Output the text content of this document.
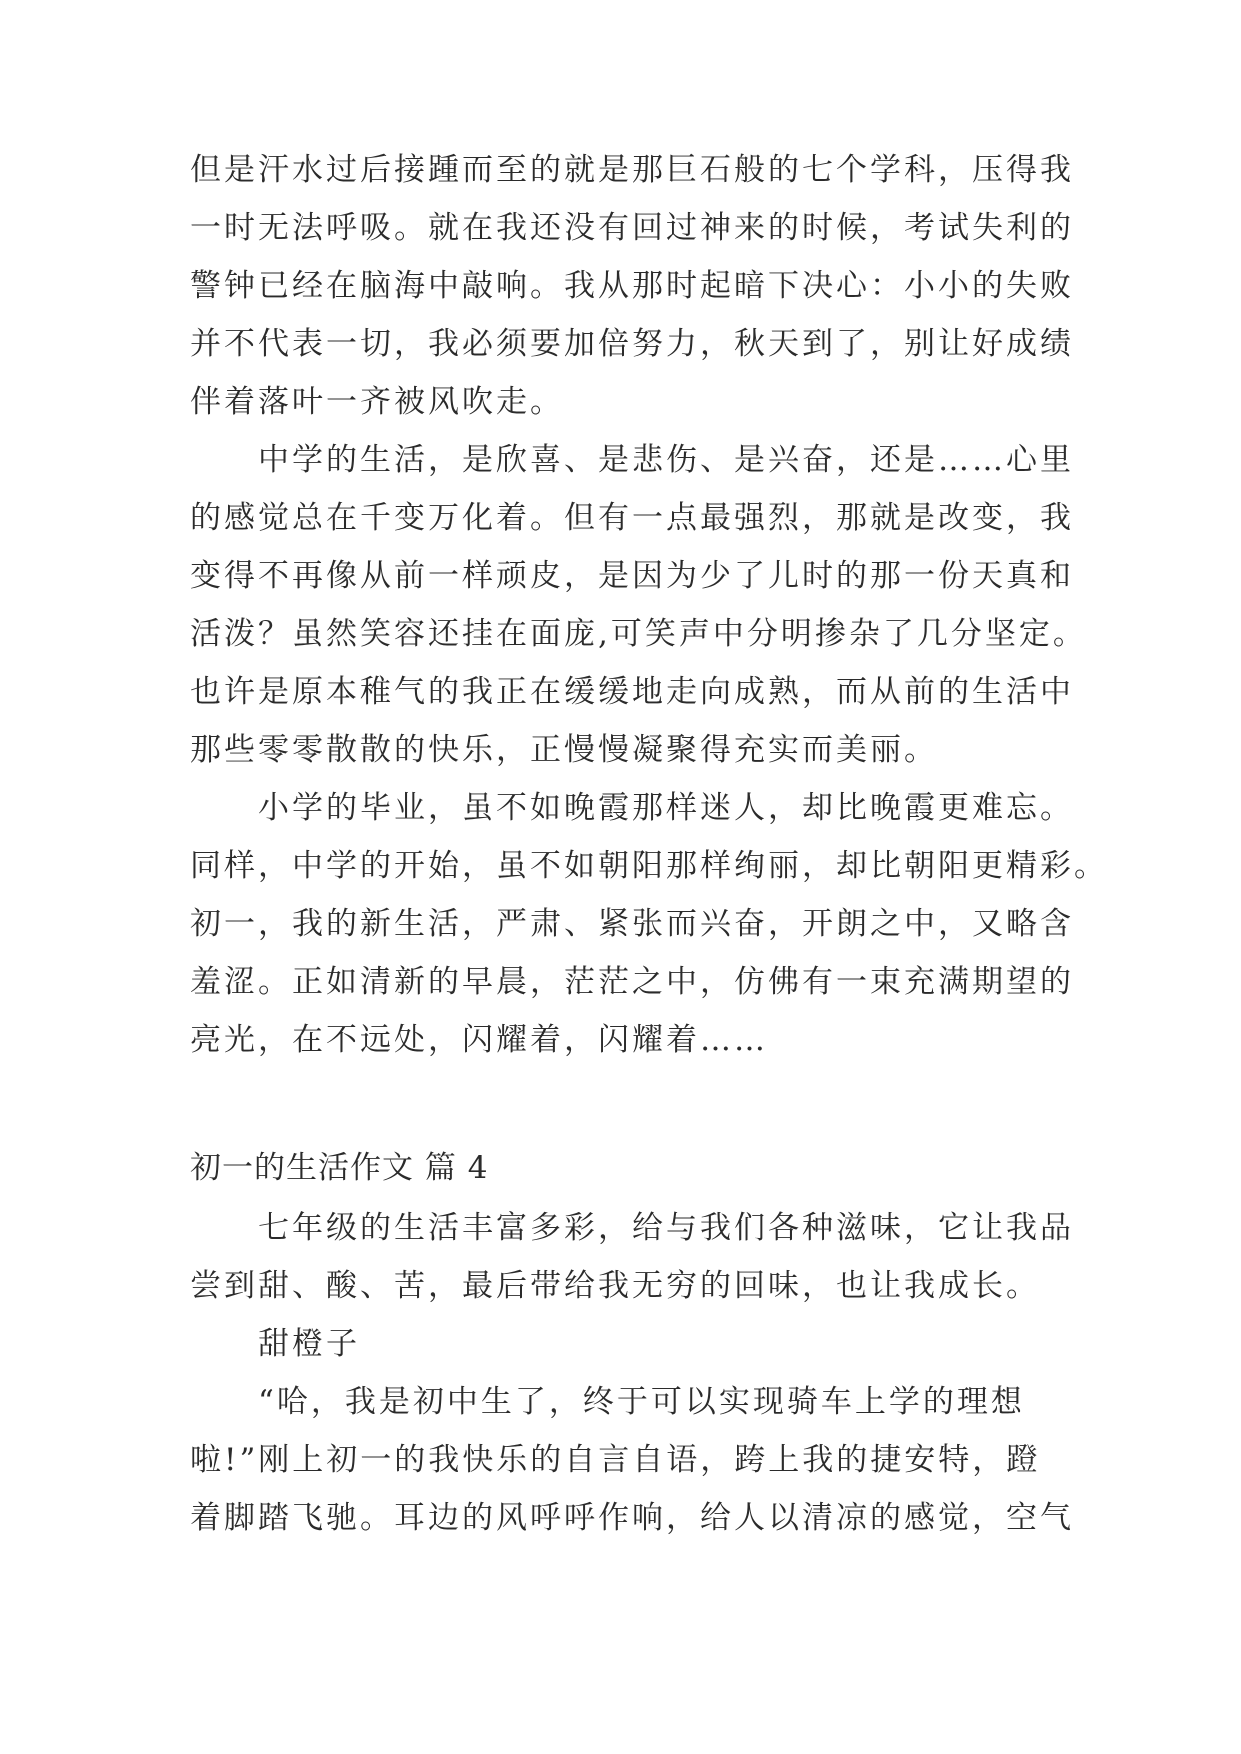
但是汗水过后接踵而至的就是那巨石般的七个学科，压得我
一时无法呼吸。就在我还没有回过神来的时候，考试失利的
警钟已经在脑海中敲响。我从那时起暗下决心：小小的失败
并不代表一切，我必须要加倍努力，秋天到了，别让好成绩
伴着落叶一齐被风吹走。
中学的生活，是欣喜、是悲伤、是兴奋，还是……心里
的感觉总在千变万化着。但有一点最强烈，那就是改变，我
变得不再像从前一样顽皮，是因为少了儿时的那一份天真和
活泼？虽然笑容还挂在面庞,可笑声中分明掺杂了几分坚定。
也许是原本稚气的我正在缓缓地走向成熟，而从前的生活中
那些零零散散的快乐，正慢慢凝聚得充实而美丽。
小学的毕业，虽不如晚霞那样迷人，却比晚霞更难忘。
同样，中学的开始，虽不如朝阳那样绚丽，却比朝阳更精彩。
初一，我的新生活，严肃、紧张而兴奋，开朗之中，又略含
羞涩。正如清新的早晨，茫茫之中，仿佛有一束充满期望的
亮光，在不远处，闪耀着，闪耀着……
初一的生活作文 篇 4
七年级的生活丰富多彩，给与我们各种滋味，它让我品
尝到甜、酸、苦，最后带给我无穷的回味，也让我成长。
甜橙子
“哈，我是初中生了，终于可以实现骑车上学的理想
啦!”刚上初一的我快乐的自言自语，跨上我的捷安特，蹬
着脚踏飞驰。耳边的风呼呼作响，给人以清凉的感觉，空气
